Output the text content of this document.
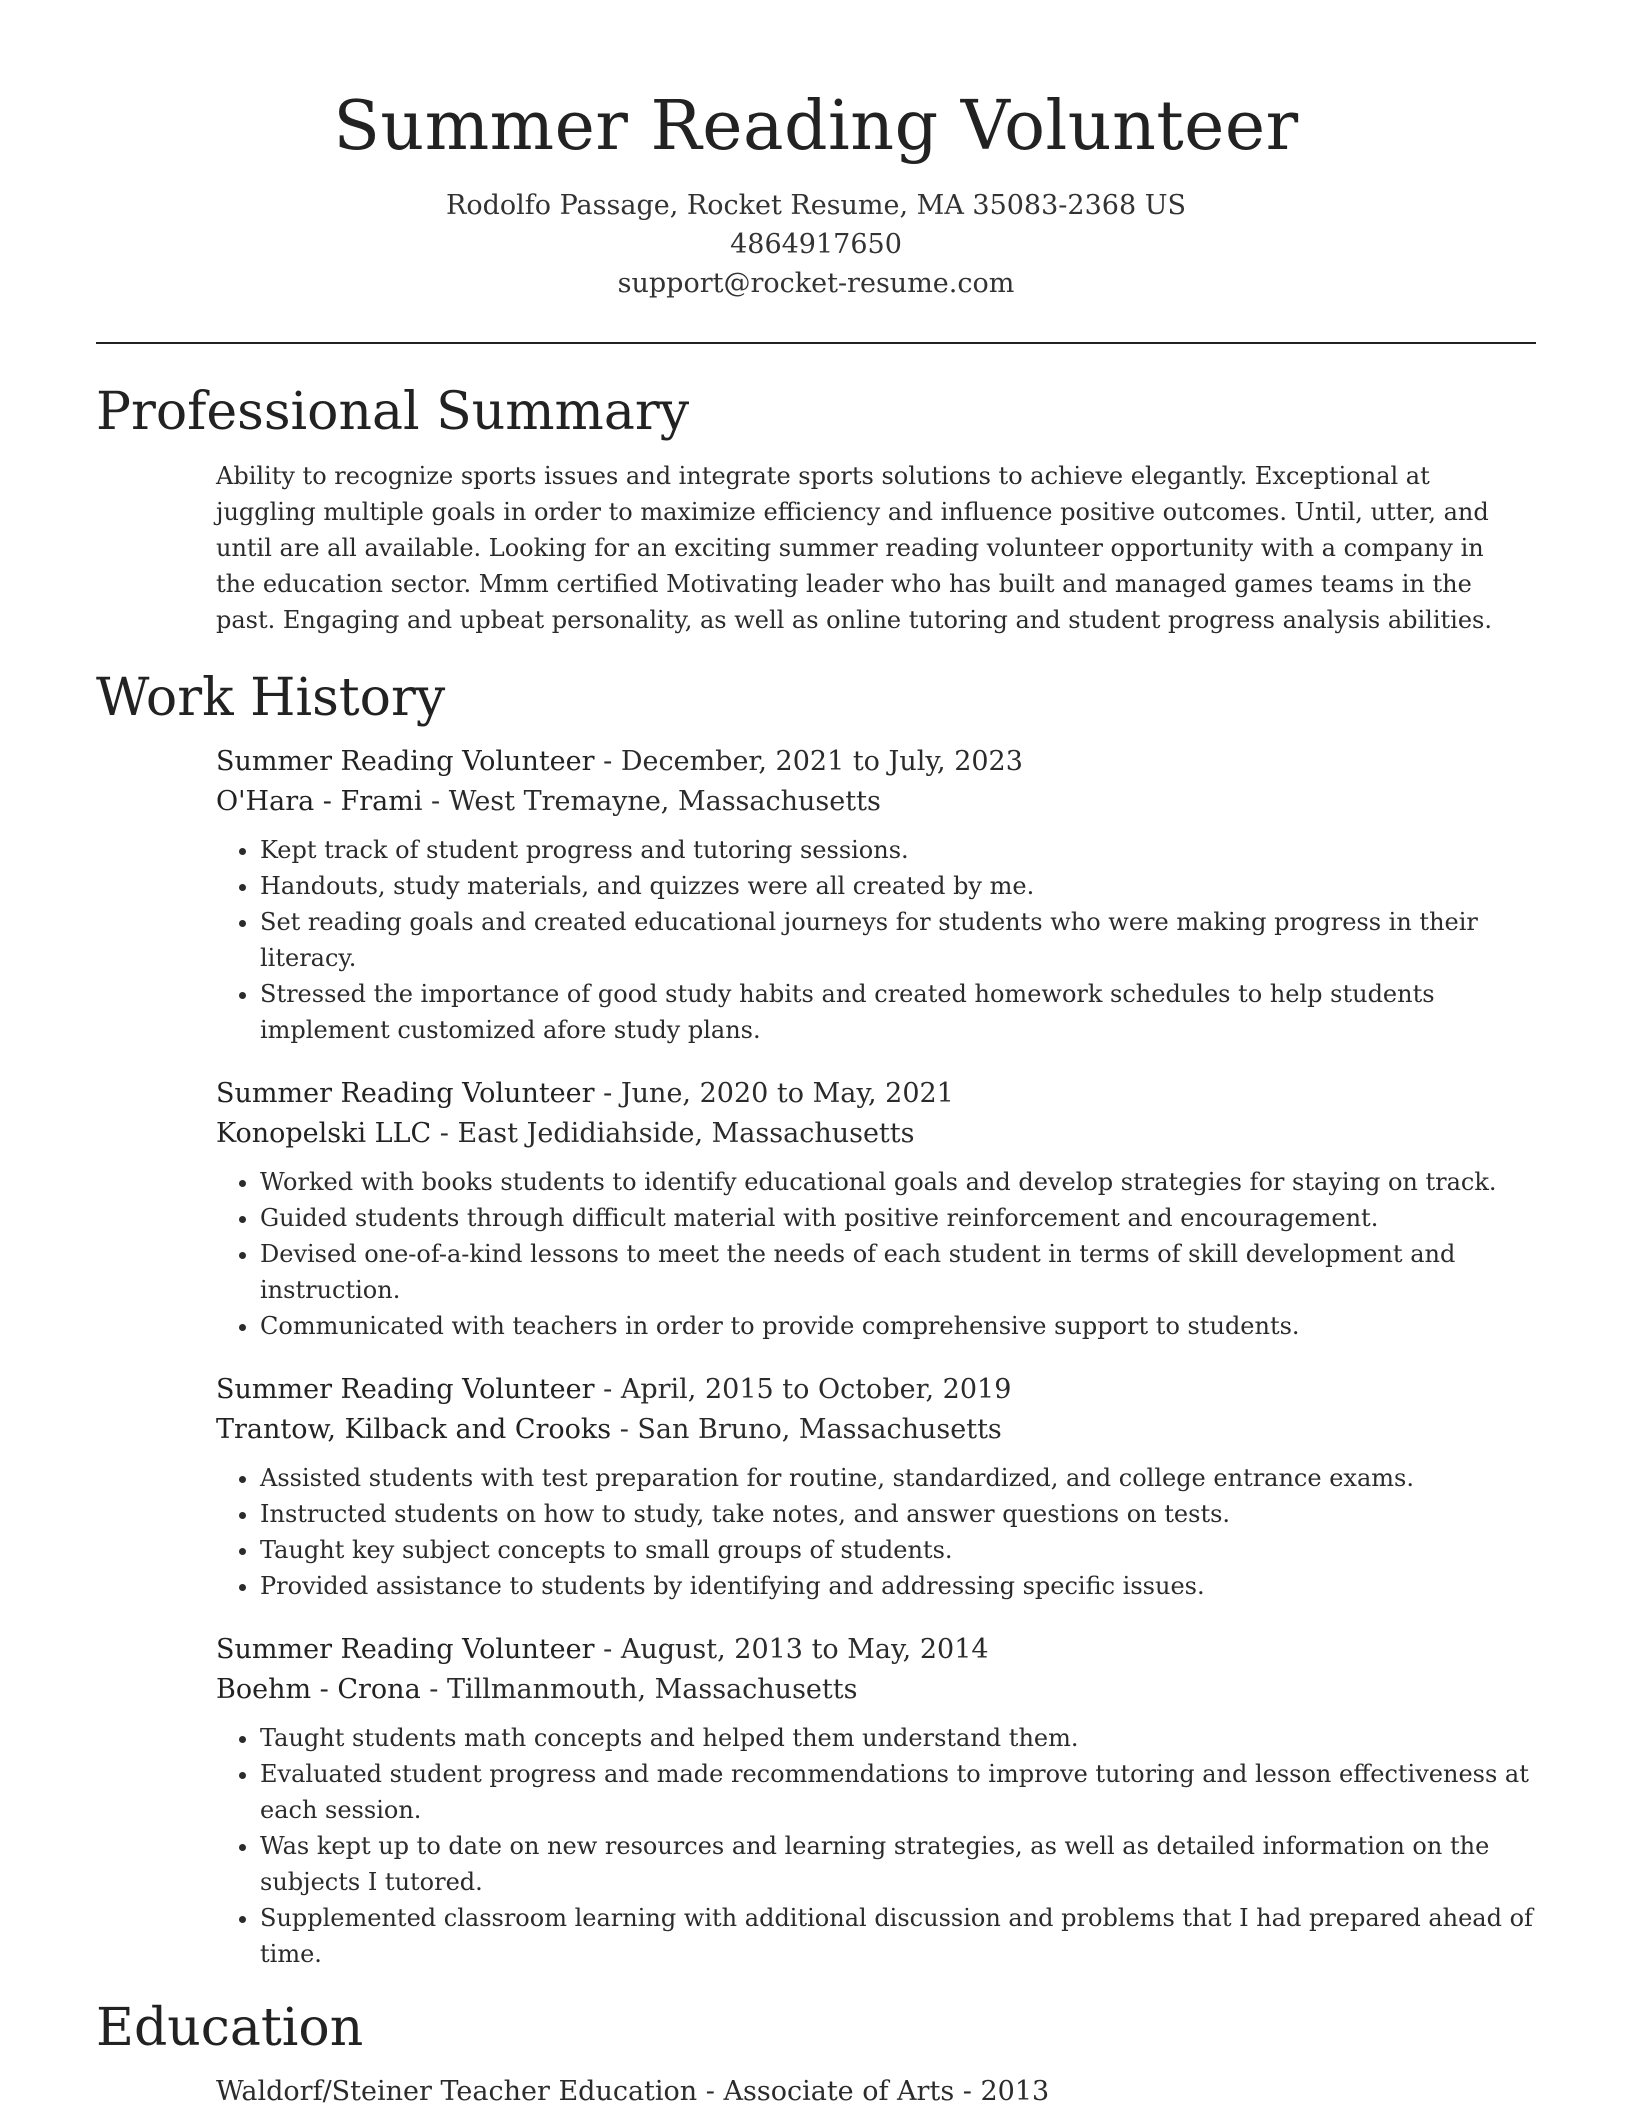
Summer Reading Volunteer
Rodolfo Passage, Rocket Resume, MA 35083-2368 US
4864917650
support@rocket-resume.com
Professional Summary

Ability to recognize sports issues and integrate sports solutions to achieve elegantly. Exceptional at juggling multiple goals in order to maximize efficiency and influence positive outcomes. Until, utter, and until are all available. Looking for an exciting summer reading volunteer opportunity with a company in the education sector. Mmm certified Motivating leader who has built and managed games teams in the past. Engaging and upbeat personality, as well as online tutoring and student progress analysis abilities.

Work History
Summer Reading Volunteer - December, 2021 to July, 2023
O'Hara - Frami - West Tremayne, Massachusetts
• Kept track of student progress and tutoring sessions.
• Handouts, study materials, and quizzes were all created by me.
• Set reading goals and created educational journeys for students who were making progress in their literacy.
• Stressed the importance of good study habits and created homework schedules to help students implement customized afore study plans.
Summer Reading Volunteer - June, 2020 to May, 2021
Konopelski LLC - East Jedidiahside, Massachusetts
• Worked with books students to identify educational goals and develop strategies for staying on track.
• Guided students through difficult material with positive reinforcement and encouragement.
• Devised one-of-a-kind lessons to meet the needs of each student in terms of skill development and instruction.
• Communicated with teachers in order to provide comprehensive support to students.
Summer Reading Volunteer - April, 2015 to October, 2019
Trantow, Kilback and Crooks - San Bruno, Massachusetts
• Assisted students with test preparation for routine, standardized, and college entrance exams.
• Instructed students on how to study, take notes, and answer questions on tests.
• Taught key subject concepts to small groups of students.
• Provided assistance to students by identifying and addressing specific issues.
Summer Reading Volunteer - August, 2013 to May, 2014
Boehm - Crona - Tillmanmouth, Massachusetts
• Taught students math concepts and helped them understand them.
• Evaluated student progress and made recommendations to improve tutoring and lesson effectiveness at each session.
• Was kept up to date on new resources and learning strategies, as well as detailed information on the subjects I tutored.
• Supplemented classroom learning with additional discussion and problems that I had prepared ahead of time.
Education
Waldorf/Steiner Teacher Education - Associate of Arts - 2013
